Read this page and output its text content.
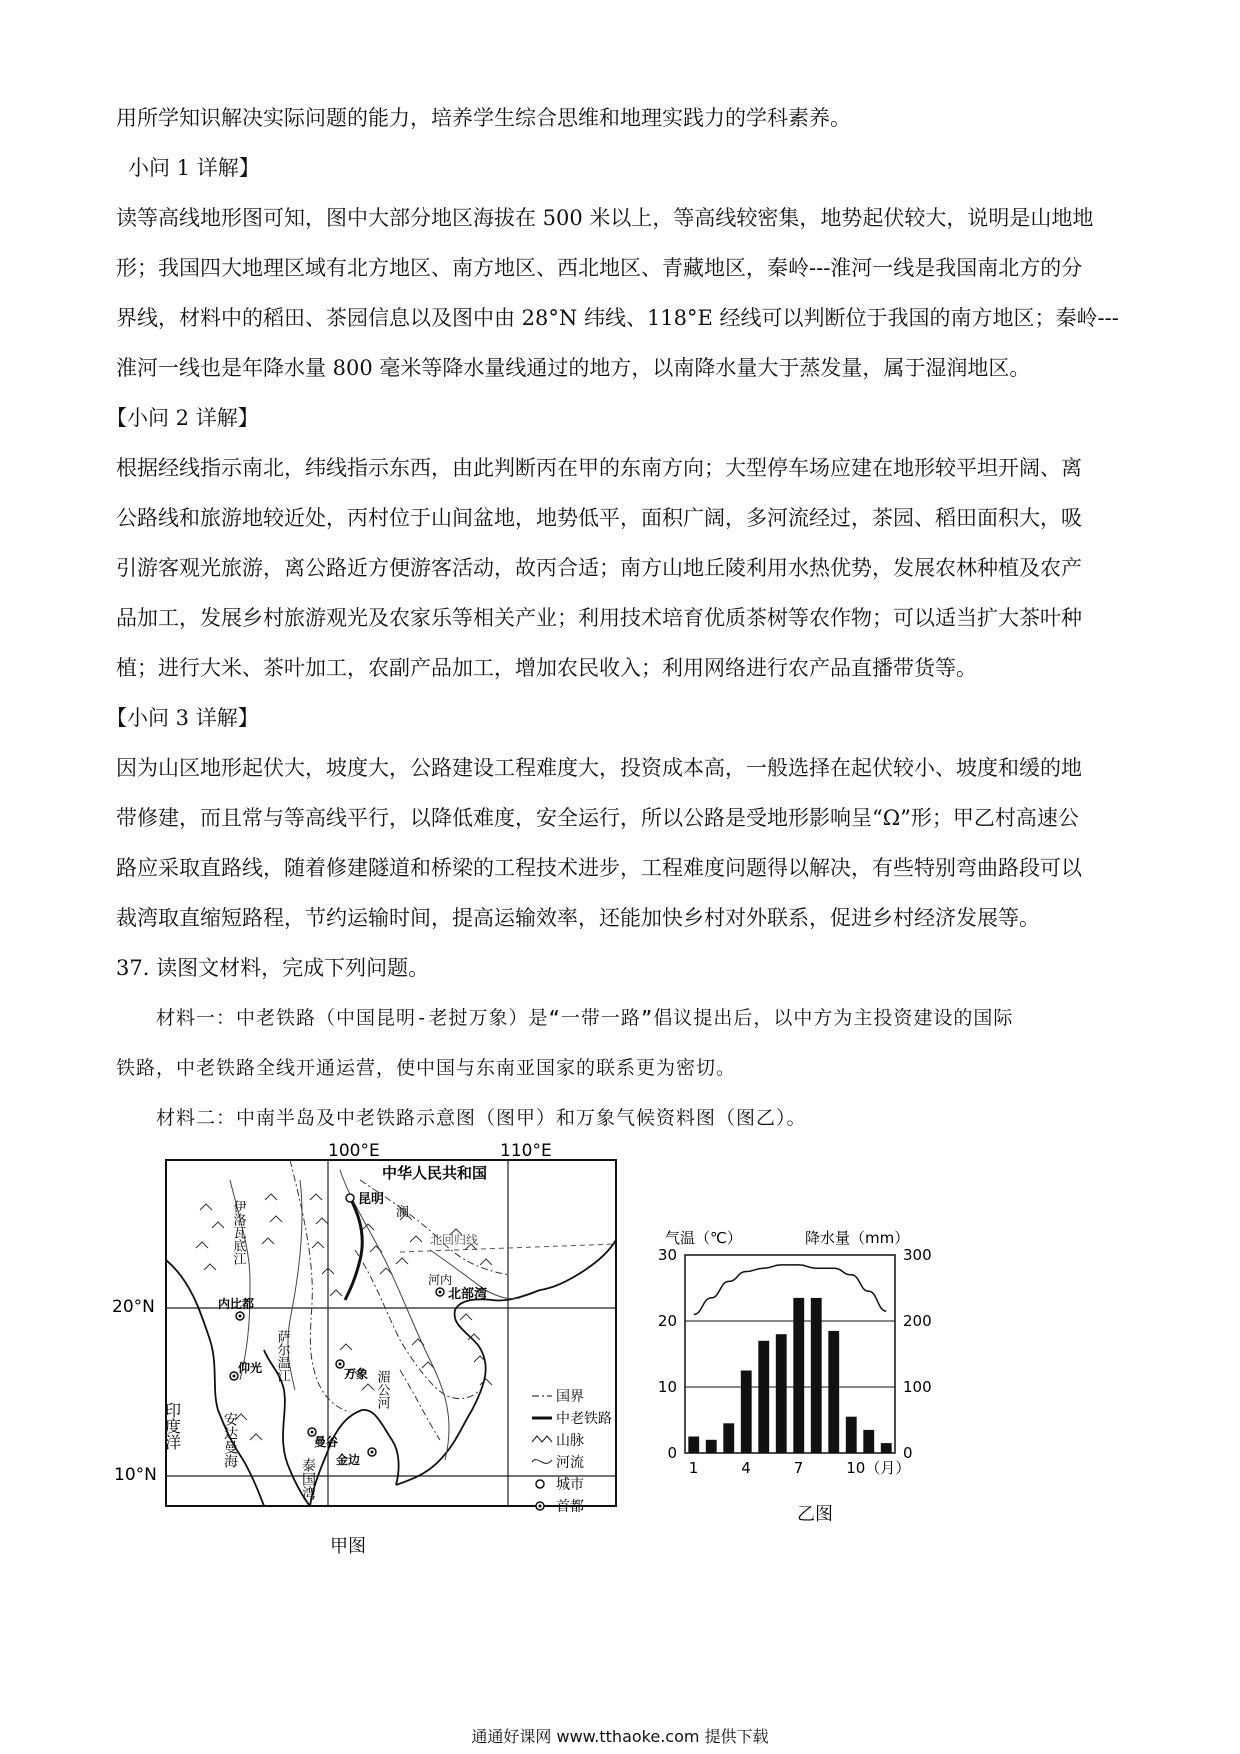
用所学知识解决实际问题的能力，培养学生综合思维和地理实践力的学科素养。
小问 1 详解】
读等高线地形图可知，图中大部分地区海拔在 500 米以上，等高线较密集，地势起伏较大，说明是山地地
形；我国四大地理区域有北方地区、南方地区、西北地区、青藏地区，秦岭---淮河一线是我国南北方的分
界线，材料中的稻田、茶园信息以及图中由 28°N 纬线、118°E 经线可以判断位于我国的南方地区；秦岭---
淮河一线也是年降水量 800 毫米等降水量线通过的地方，以南降水量大于蒸发量，属于湿润地区。
【小问 2 详解】
根据经线指示南北，纬线指示东西，由此判断丙在甲的东南方向；大型停车场应建在地形较平坦开阔、离
公路线和旅游地较近处，丙村位于山间盆地，地势低平，面积广阔，多河流经过，茶园、稻田面积大，吸
引游客观光旅游，离公路近方便游客活动，故丙合适；南方山地丘陵利用水热优势，发展农林种植及农产
品加工，发展乡村旅游观光及农家乐等相关产业；利用技术培育优质茶树等农作物；可以适当扩大茶叶种
植；进行大米、茶叶加工，农副产品加工，增加农民收入；利用网络进行农产品直播带货等。
【小问 3 详解】
因为山区地形起伏大，坡度大，公路建设工程难度大，投资成本高，一般选择在起伏较小、坡度和缓的地
带修建，而且常与等高线平行，以降低难度，安全运行，所以公路是受地形影响呈“Ω”形；甲乙村高速公
路应采取直路线，随着修建隧道和桥梁的工程技术进步，工程难度问题得以解决，有些特别弯曲路段可以
裁湾取直缩短路程，节约运输时间，提高运输效率，还能加快乡村对外联系，促进乡村经济发展等。
37. 读图文材料，完成下列问题。
材料一：中老铁路（中国昆明-老挝万象）是“一带一路”倡议提出后，以中方为主投资建设的国际
铁路，中老铁路全线开通运营，使中国与东南亚国家的联系更为密切。
材料二：中南半岛及中老铁路示意图（图甲）和万象气候资料图（图乙）。
100°E	110°E
20°N
10°N
昆明
中华人民共和国
北回归线
河内
北部湾
内比都
万象
仰光
曼谷
金边
印度洋	安达曼海
泰国湾
伊洛瓦底江
萨尔温江
湄公河
澜
国界
中老铁路
山脉
河流
城市
首都
甲图
气温（℃）	降水量（mm）
0
10
20
30
0
100
200
300
1	4	7	10（月）
乙图
通通好课网 www.tthaoke.com 提供下载
